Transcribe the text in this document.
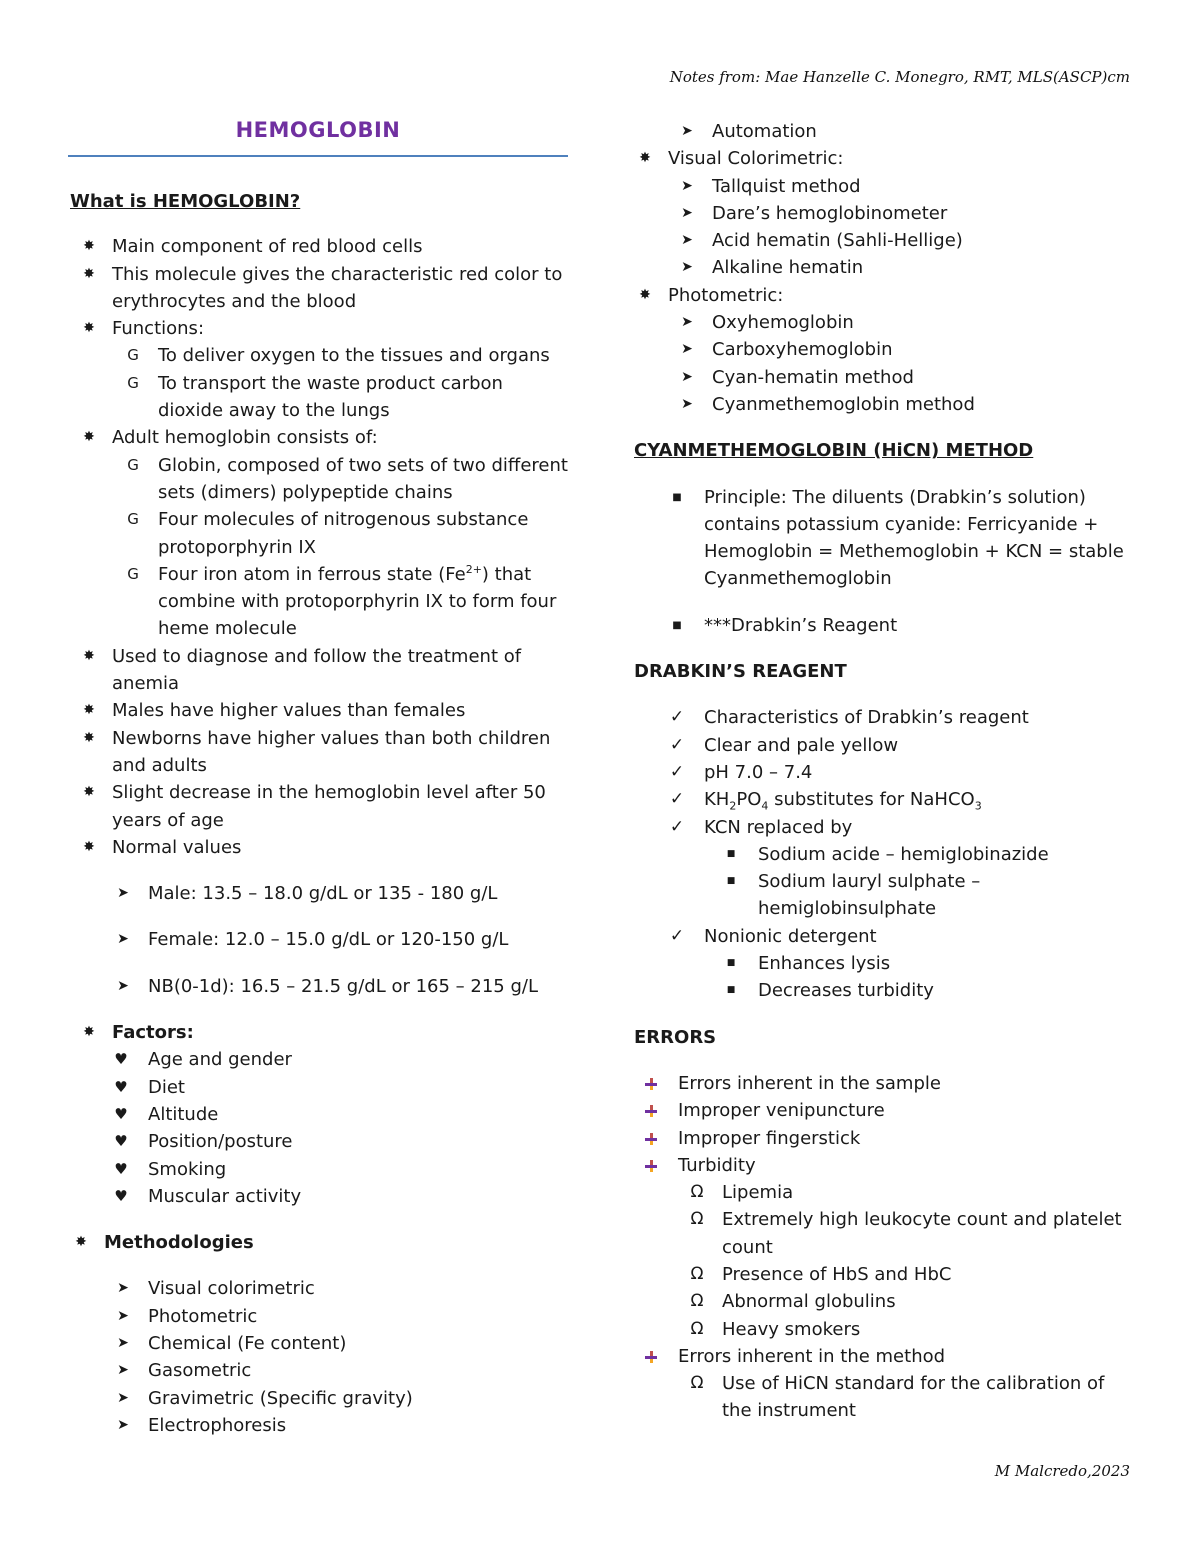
Notes from: Mae Hanzelle C. Monegro, RMT, MLS(ASCP)cm
HEMOGLOBIN

What is HEMOGLOBIN?

✸ Main component of red blood cells
✸ This molecule gives the characteristic red color to erythrocytes and the blood
✸ Functions:
G To deliver oxygen to the tissues and organs
G To transport the waste product carbon dioxide away to the lungs
✸ Adult hemoglobin consists of:
G Globin, composed of two sets of two different sets (dimers) polypeptide chains
G Four molecules of nitrogenous substance protoporphyrin IX
G Four iron atom in ferrous state $(Fe^{2+})$ that combine with protoporphyrin IX to form four heme molecule
✸ Used to diagnose and follow the treatment of anemia
✸ Males have higher values than females
✸ Newborns have higher values than both children and adults
✸ Slight decrease in the hemoglobin level after 50 years of age
✸ Normal values
➤ Male: 13.5 – 18.0 g/dL or 135 - 180 g/L
➤ Female: 12.0 – 15.0 g/dL or 120-150 g/L
➤ NB(0-1d): 16.5 – 21.5 g/dL or 165 – 215 g/L
✸ Factors:
♥ Age and gender
♥ Diet
♥ Altitude
♥ Position/posture
♥ Smoking
♥ Muscular activity
✸ Methodologies
➤ Visual colorimetric
➤ Photometric
➤ Chemical (Fe content)
➤ Gasometric
➤ Gravimetric (Specific gravity)
➤ Electrophoresis
➤ Automation
✸ Visual Colorimetric:
➤ Tallquist method
➤ Dare’s hemoglobinometer
➤ Acid hematin (Sahli-Hellige)
➤ Alkaline hematin
✸ Photometric:
➤ Oxyhemoglobin
➤ Carboxyhemoglobin
➤ Cyan-hematin method
➤ Cyanmethemoglobin method

CYANMETHEMOGLOBIN (HiCN) METHOD

■	Principle: The diluents (Drabkin’s solution) contains potassium cyanide: Ferricyanide + Hemoglobin = Methemoglobin + KCN = stable Cyanmethemoglobin
■	***Drabkin’s Reagent

DRABKIN’S REAGENT

✓ Characteristics of Drabkin’s reagent
✓ Clear and pale yellow
✓ pH 7.0 – 7.4
✓ $KH_2PO_4$ substitutes for NaHCO$_3$
✓ KCN replaced by
■	Sodium acide – hemiglobinazide
■	Sodium lauryl sulphate – hemiglobinsulphate
✓ Nonionic detergent
■	Enhances lysis
■	Decreases turbidity

ERRORS

Errors inherent in the sample
Improper venipuncture
Improper fingerstick
Turbidity
Ω Lipemia
Ω Extremely high leukocyte count and platelet count
Ω Presence of HbS and HbC
Ω Abnormal globulins
Ω Heavy smokers
Errors inherent in the method
Ω Use of HiCN standard for the calibration of the instrument
M Malcredo,2023
